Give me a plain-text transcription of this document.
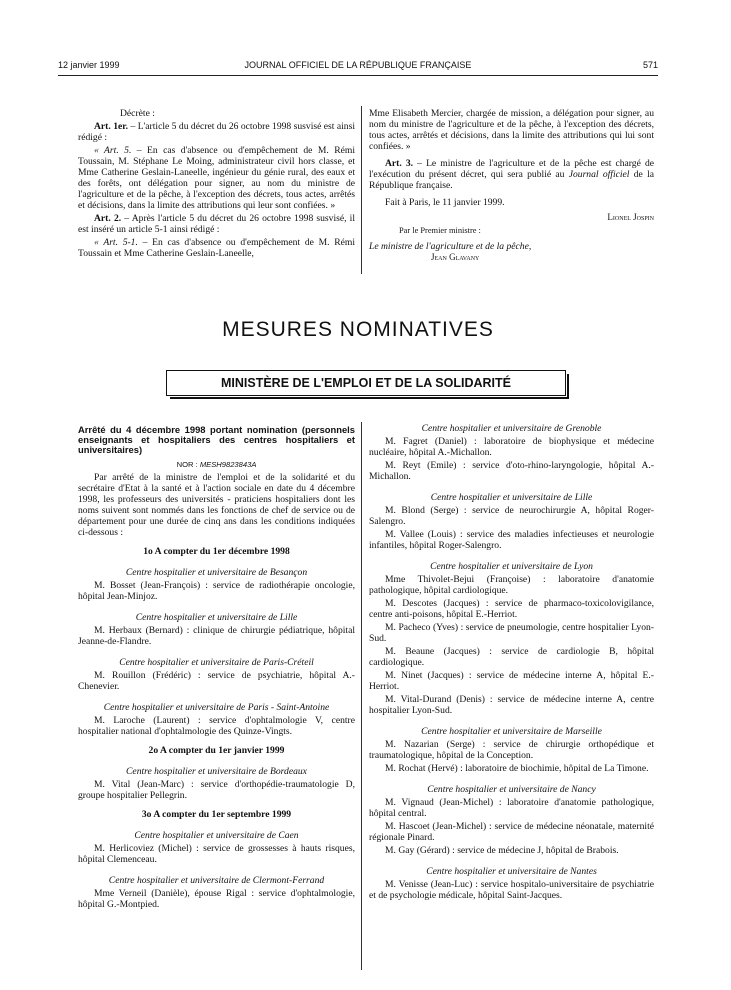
12 janvier 1999	JOURNAL OFFICIEL DE LA RÉPUBLIQUE FRANÇAISE	571

Décrète :

Art. 1er. – L'article 5 du décret du 26 octobre 1998 susvisé est ainsi rédigé :

« Art. 5. – En cas d'absence ou d'empêchement de M. Rémi Toussain, M. Stéphane Le Moing, administrateur civil hors classe, et Mme Catherine Geslain-Laneelle, ingénieur du génie rural, des eaux et des forêts, ont délégation pour signer, au nom du ministre de l'agriculture et de la pêche, à l'exception des décrets, tous actes, arrêtés et décisions, dans la limite des attributions qui leur sont confiées. »

Art. 2. – Après l'article 5 du décret du 26 octobre 1998 susvisé, il est inséré un article 5-1 ainsi rédigé :

« Art. 5-1. – En cas d'absence ou d'empêchement de M. Rémi Toussain et Mme Catherine Geslain-Laneelle,

Mme Elisabeth Mercier, chargée de mission, a délégation pour signer, au nom du ministre de l'agriculture et de la pêche, à l'exception des décrets, tous actes, arrêtés et décisions, dans la limite des attributions qui lui sont confiées. »

Art. 3. – Le ministre de l'agriculture et de la pêche est chargé de l'exécution du présent décret, qui sera publié au Journal officiel de la République française.

Fait à Paris, le 11 janvier 1999.

Lionel Jospin

Par le Premier ministre :

Le ministre de l'agriculture et de la pêche,

Jean Glavany

MESURES NOMINATIVES
MINISTÈRE DE L'EMPLOI ET DE LA SOLIDARITÉ

Arrêté du 4 décembre 1998 portant nomination (personnels enseignants et hospitaliers des centres hospitaliers et universitaires)

NOR : MESH9823843A

Par arrêté de la ministre de l'emploi et de la solidarité et du secrétaire d'Etat à la santé et à l'action sociale en date du 4 décembre 1998, les professeurs des universités - praticiens hospitaliers dont les noms suivent sont nommés dans les fonctions de chef de service ou de département pour une durée de cinq ans dans les conditions indiquées ci-dessous :

1o A compter du 1er décembre 1998

Centre hospitalier et universitaire de Besançon

M. Bosset (Jean-François) : service de radiothérapie oncologie, hôpital Jean-Minjoz.

Centre hospitalier et universitaire de Lille

M. Herbaux (Bernard) : clinique de chirurgie pédiatrique, hôpital Jeanne-de-Flandre.

Centre hospitalier et universitaire de Paris-Créteil

M. Rouillon (Frédéric) : service de psychiatrie, hôpital A.-Chenevier.

Centre hospitalier et universitaire de Paris - Saint-Antoine

M. Laroche (Laurent) : service d'ophtalmologie V, centre hospitalier national d'ophtalmologie des Quinze-Vingts.

2o A compter du 1er janvier 1999

Centre hospitalier et universitaire de Bordeaux

M. Vital (Jean-Marc) : service d'orthopédie-traumatologie D, groupe hospitalier Pellegrin.

3o A compter du 1er septembre 1999

Centre hospitalier et universitaire de Caen

M. Herlicoviez (Michel) : service de grossesses à hauts risques, hôpital Clemenceau.

Centre hospitalier et universitaire de Clermont-Ferrand

Mme Verneil (Danièle), épouse Rigal : service d'ophtalmologie, hôpital G.-Montpied.

Centre hospitalier et universitaire de Grenoble

M. Fagret (Daniel) : laboratoire de biophysique et médecine nucléaire, hôpital A.-Michallon.

M. Reyt (Emile) : service d'oto-rhino-laryngologie, hôpital A.-Michallon.

Centre hospitalier et universitaire de Lille

M. Blond (Serge) : service de neurochirurgie A, hôpital Roger-Salengro.

M. Vallee (Louis) : service des maladies infectieuses et neurologie infantiles, hôpital Roger-Salengro.

Centre hospitalier et universitaire de Lyon

Mme Thivolet-Bejui (Françoise) : laboratoire d'anatomie pathologique, hôpital cardiologique.

M. Descotes (Jacques) : service de pharmaco-toxicolovigilance, centre anti-poisons, hôpital E.-Herriot.

M. Pacheco (Yves) : service de pneumologie, centre hospitalier Lyon-Sud.

M. Beaune (Jacques) : service de cardiologie B, hôpital cardiologique.

M. Ninet (Jacques) : service de médecine interne A, hôpital E.-Herriot.

M. Vital-Durand (Denis) : service de médecine interne A, centre hospitalier Lyon-Sud.

Centre hospitalier et universitaire de Marseille

M. Nazarian (Serge) : service de chirurgie orthopédique et traumatologique, hôpital de la Conception.

M. Rochat (Hervé) : laboratoire de biochimie, hôpital de La Timone.

Centre hospitalier et universitaire de Nancy

M. Vignaud (Jean-Michel) : laboratoire d'anatomie pathologique, hôpital central.

M. Hascoet (Jean-Michel) : service de médecine néonatale, maternité régionale Pinard.

M. Gay (Gérard) : service de médecine J, hôpital de Brabois.

Centre hospitalier et universitaire de Nantes

M. Venisse (Jean-Luc) : service hospitalo-universitaire de psychiatrie et de psychologie médicale, hôpital Saint-Jacques.
